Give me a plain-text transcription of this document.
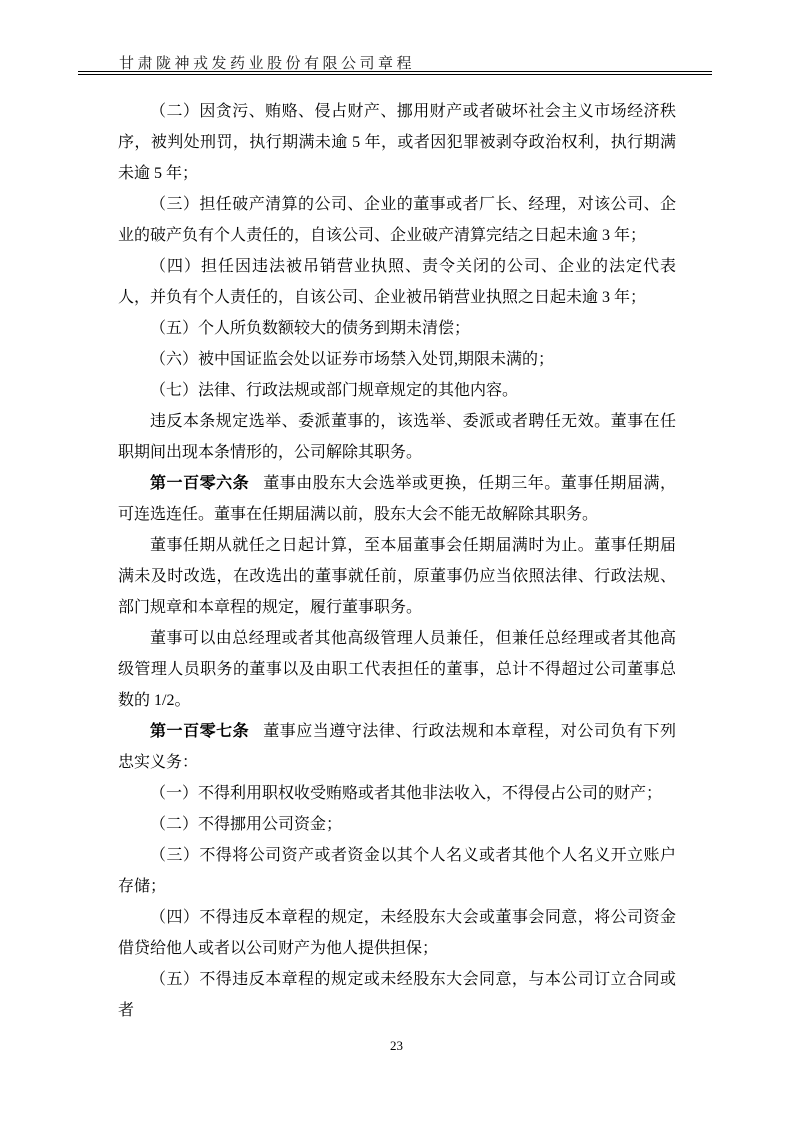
甘肃陇神戎发药业股份有限公司章程

（二）因贪污、贿赂、侵占财产、挪用财产或者破坏社会主义市场经济秩序，被判处刑罚，执行期满未逾 5 年，或者因犯罪被剥夺政治权利，执行期满未逾 5 年；

（三）担任破产清算的公司、企业的董事或者厂长、经理，对该公司、企业的破产负有个人责任的，自该公司、企业破产清算完结之日起未逾 3 年；

（四）担任因违法被吊销营业执照、责令关闭的公司、企业的法定代表人，并负有个人责任的，自该公司、企业被吊销营业执照之日起未逾 3 年；

（五）个人所负数额较大的债务到期未清偿；

（六）被中国证监会处以证券市场禁入处罚,期限未满的；

（七）法律、行政法规或部门规章规定的其他内容。

违反本条规定选举、委派董事的，该选举、委派或者聘任无效。董事在任职期间出现本条情形的，公司解除其职务。

第一百零六条 董事由股东大会选举或更换，任期三年。董事任期届满，可连选连任。董事在任期届满以前，股东大会不能无故解除其职务。

董事任期从就任之日起计算，至本届董事会任期届满时为止。董事任期届满未及时改选，在改选出的董事就任前，原董事仍应当依照法律、行政法规、部门规章和本章程的规定，履行董事职务。

董事可以由总经理或者其他高级管理人员兼任，但兼任总经理或者其他高级管理人员职务的董事以及由职工代表担任的董事，总计不得超过公司董事总数的 1/2。

第一百零七条 董事应当遵守法律、行政法规和本章程，对公司负有下列忠实义务：

（一）不得利用职权收受贿赂或者其他非法收入，不得侵占公司的财产；

（二）不得挪用公司资金；

（三）不得将公司资产或者资金以其个人名义或者其他个人名义开立账户存储；

（四）不得违反本章程的规定，未经股东大会或董事会同意，将公司资金借贷给他人或者以公司财产为他人提供担保；

（五）不得违反本章程的规定或未经股东大会同意，与本公司订立合同或者

23
